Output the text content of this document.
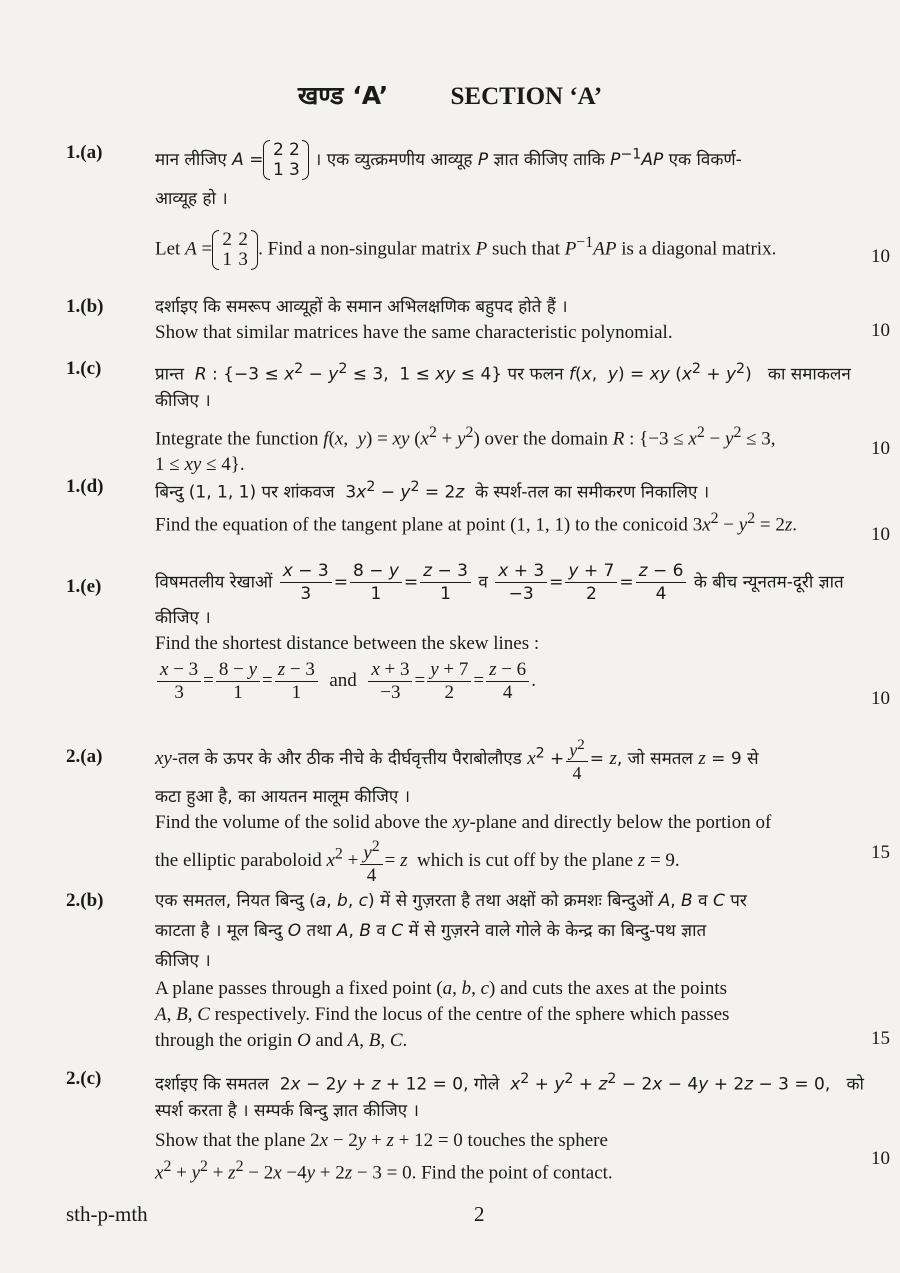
खण्ड ‘A’ SECTION ‘A’
1.(a)	मान लीजिए A = 2 2
1 3 । एक व्युत्क्रमणीय आव्यूह P ज्ञात कीजिए ताकि $P^{-1}AP$ एक विकर्ण-
आव्यूह हो ।
Let A = 2 2
1 3. Find a non-singular matrix P such that $P^{-1}AP$ is a diagonal matrix.	10
1.(b)	दर्शाइए कि समरूप आव्यूहों के समान अभिलक्षणिक बहुपद होते हैं ।
Show that similar matrices have the same characteristic polynomial.	10
1.(c)	प्रान्त R : {$-3 \le x^2 - y^2 \le 3$,  1 ≤ xy ≤ 4} पर फलन f(x,  y) = xy $(x^2 + y^2)$   का समाकलन
कीजिए ।
Integrate the function f(x,  y) = xy $(x^2 + y^2)$ over the domain R : {$-3 \le x^2 - y^2 \le 3$,
1 ≤ xy ≤ 4}.
10
1.(d)	बिन्दु (1, 1, 1) पर शांकवज  $3x^2 - y^2 = 2z$ के स्पर्श-तल का समीकरण निकालिए ।
Find the equation of the tangent plane at point (1, 1, 1) to the conicoid $3x^2 - y^2 = 2z$.	10
1.(e)	विषमतलीय रेखाओं $\frac{x - 3}{3} = \frac{8 - y}{1} = \frac{z - 3}{1}$ व $\frac{x + 3}{-3} = \frac{y + 7}{2} = \frac{z - 6}{4}$ के बीच न्यूनतम-दूरी ज्ञात
कीजिए ।
Find the shortest distance between the skew lines :
$\frac{x - 3}{3} = \frac{8 - y}{1} = \frac{z - 3}{1}$ and $\frac{x + 3}{-3} = \frac{y + 7}{2} = \frac{z - 6}{4}$ .
10
2.(a)	xy-तल के ऊपर के और ठीक नीचे के दीर्घवृत्तीय पैराबोलौएड $x^2 + \frac{y^2}{4} = z$, जो समतल z = 9 से
कटा हुआ है, का आयतन मालूम कीजिए ।
Find the volume of the solid above the xy-plane and directly below the portion of
the elliptic paraboloid $x^2 + \frac{y^2}{4} = z$ which is cut off by the plane z = 9.	15
2.(b)	एक समतल, नियत बिन्दु (a, b, c) में से गुज़रता है तथा अक्षों को क्रमशः बिन्दुओं A, B व C पर
काटता है । मूल बिन्दु O तथा A, B व C में से गुज़रने वाले गोले के केन्द्र का बिन्दु-पथ ज्ञात
कीजिए ।
A plane passes through a fixed point (a, b, c) and cuts the axes at the points
A, B, C respectively. Find the locus of the centre of the sphere which passes
through the origin O and A, B, C.	15
2.(c)	दर्शाइए कि समतल  2x − 2y + z + 12 = 0, गोले $x^2 + y^2 + z^2 - 2x - 4y + 2z - 3 = 0$,   को
स्पर्श करता है । सम्पर्क बिन्दु ज्ञात कीजिए ।
Show that the plane 2x − 2y + z + 12 = 0 touches the sphere
$x^2 + y^2 + z^2 - 2x -4y + 2z - 3 = 0$. Find the point of contact.
10
sth-p-mth	2
